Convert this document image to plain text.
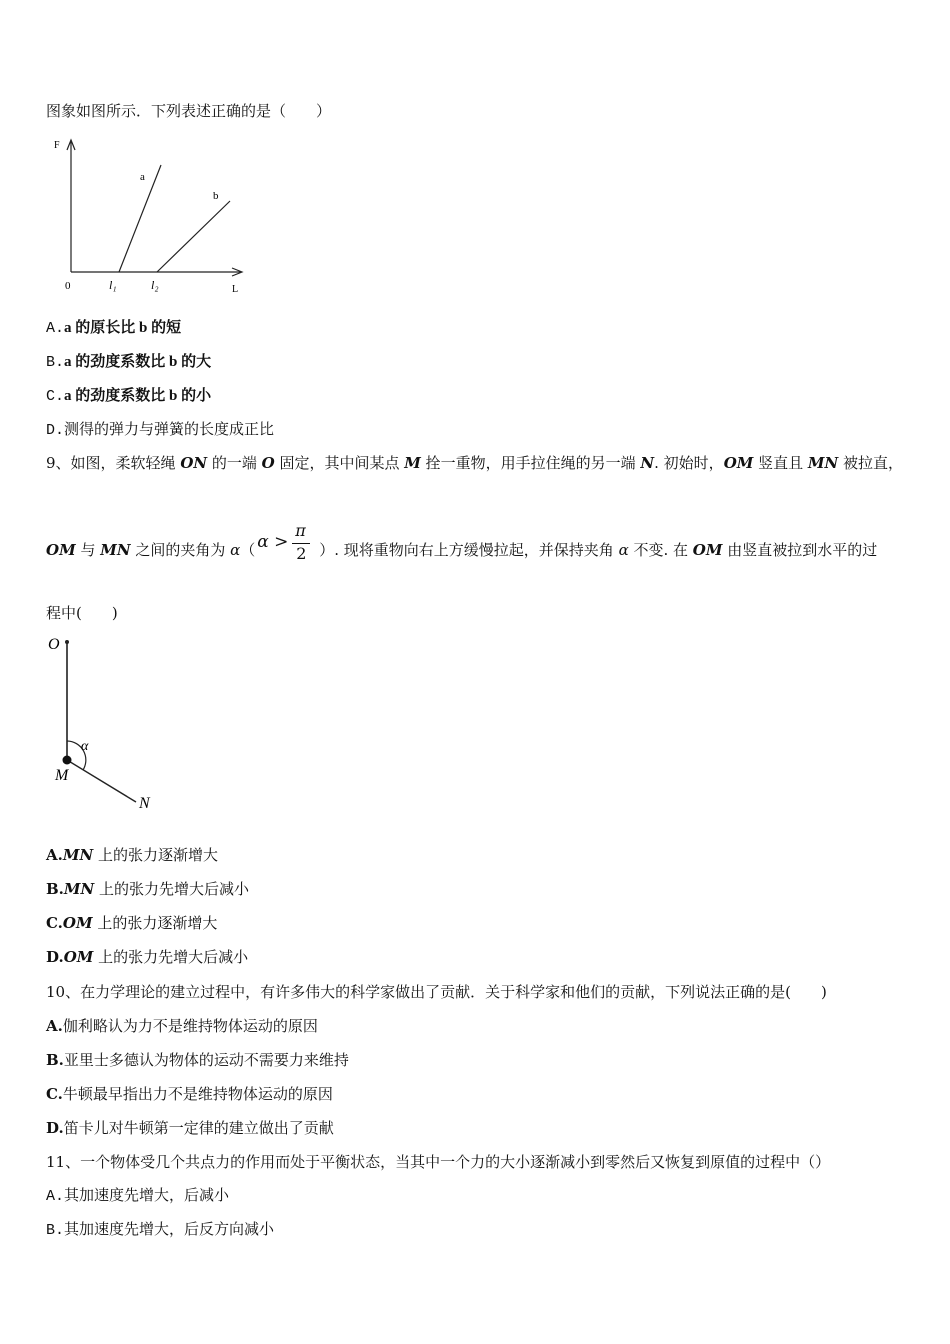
图象如图所示．下列表述正确的是（　　）
F
a
b
0	l₁	l₂	L
A.a 的原长比 b 的短
B.a 的劲度系数比 b 的大
C.a 的劲度系数比 b 的小
D.测得的弹力与弹簧的长度成正比
9、如图，柔软轻绳 ON 的一端 O 固定，其中间某点 M 拴一重物，用手拉住绳的另一端 N. 初始时，OM 竖直且 MN 被拉直，
OM 与 MN 之间的夹角为 α（ α >
π
2 ）. 现将重物向右上方缓慢拉起，并保持夹角 α 不变. 在 OM 由竖直被拉到水平的过
程中(　　)
O
α
M
N
A.MN 上的张力逐渐增大
B.MN 上的张力先增大后减小
C.OM 上的张力逐渐增大
D.OM 上的张力先增大后减小
10、在力学理论的建立过程中，有许多伟大的科学家做出了贡献．关于科学家和他们的贡献，下列说法正确的是(　　)
A.伽利略认为力不是维持物体运动的原因
B.亚里士多德认为物体的运动不需要力来维持
C.牛顿最早指出力不是维持物体运动的原因
D.笛卡儿对牛顿第一定律的建立做出了贡献
11、一个物体受几个共点力的作用而处于平衡状态，当其中一个力的大小逐渐减小到零然后又恢复到原值的过程中（）
A.其加速度先增大，后减小
B.其加速度先增大，后反方向减小
